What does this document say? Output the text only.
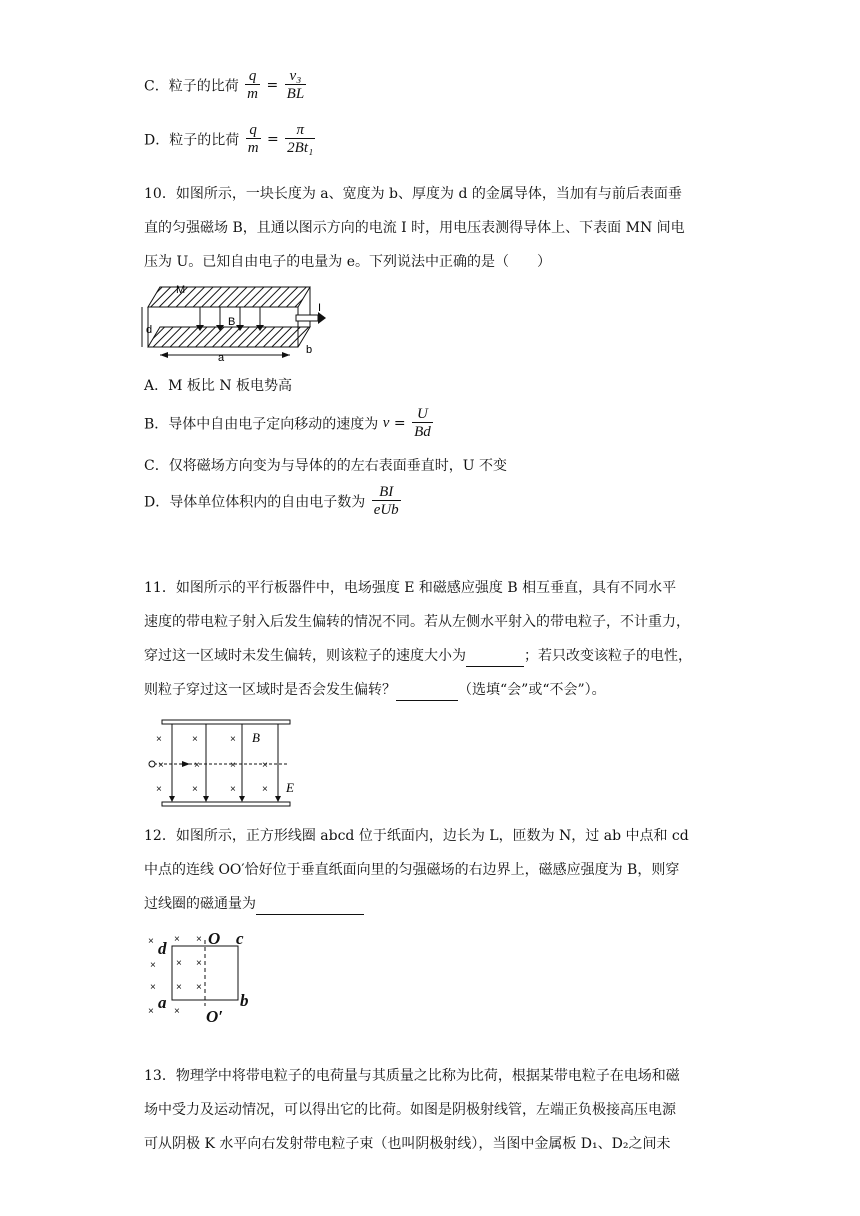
C．粒子的比荷 $\frac{q}{m} = \frac{\text{v₃}}{BL}$
D．粒子的比荷 $\frac{q}{m} = \frac{\pi}{\text{2Bt₁}}$
10．如图所示，一块长度为 a、宽度为 b、厚度为 d 的金属导体，当加有与前后表面垂
直的匀强磁场 B，且通以图示方向的电流 I 时，用电压表测得导体上、下表面 MN 间电
压为 U。已知自由电子的电量为 e。下列说法中正确的是（　　）
M
I
d
B
a
b
A．M 板比 N 板电势高
B．导体中自由电子定向移动的速度为 $v = \frac{U}{Bd}$
C．仅将磁场方向变为与导体的的左右表面垂直时，U 不变
D．导体单位体积内的自由电子数为 $\frac{BI}{\text{eUb}}$
11．如图所示的平行板器件中，电场强度 E 和磁感应强度 B 相互垂直，具有不同水平
速度的带电粒子射入后发生偏转的情况不同。若从左侧水平射入的带电粒子，不计重力，
穿过这一区域时未发生偏转，则该粒子的速度大小为	；若只改变该粒子的电性，
则粒子穿过这一区域时是否会发生偏转？	（选填“会”或“不会”）。
×	×	×
×	×	×	×
×	×	×	×
B
E
12．如图所示，正方形线圈 abcd 位于纸面内，边长为 L，匝数为 N，过 ab 中点和 cd
中点的连线 OO′恰好位于垂直纸面向里的匀强磁场的右边界上，磁感应强度为 B，则穿
过线圈的磁通量为
× × ×
× × ×
× × ×
× ×
d
O c
a
O′
b
13．物理学中将带电粒子的电荷量与其质量之比称为比荷，根据某带电粒子在电场和磁
场中受力及运动情况，可以得出它的比荷。如图是阴极射线管，左端正负极接高压电源
可从阴极 K 水平向右发射带电粒子束（也叫阴极射线），当图中金属板 D₁、D₂之间未
